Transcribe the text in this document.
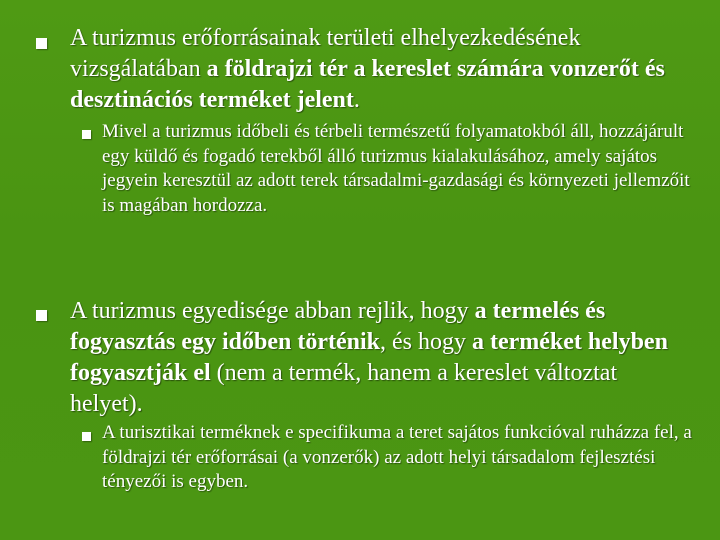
A turizmus erőforrásainak területi elhelyezkedésének vizsgálatában a földrajzi tér a kereslet számára vonzerőt és desztinációs terméket jelent.
Mivel a turizmus időbeli és térbeli természetű folyamatokból áll, hozzájárult egy küldő és fogadó terekből álló turizmus kialakulásához, amely sajátos jegyein keresztül az adott terek társadalmi-gazdasági és környezeti jellemzőit is magában hordozza.
A turizmus egyedisége abban rejlik, hogy a termelés és fogyasztás egy időben történik, és hogy a terméket helyben fogyasztják el (nem a termék, hanem a kereslet változtat helyet).
A turisztikai terméknek e specifikuma a teret sajátos funkcióval ruházza fel, a földrajzi tér erőforrásai (a vonzerők) az adott helyi társadalom fejlesztési tényezői is egyben.
